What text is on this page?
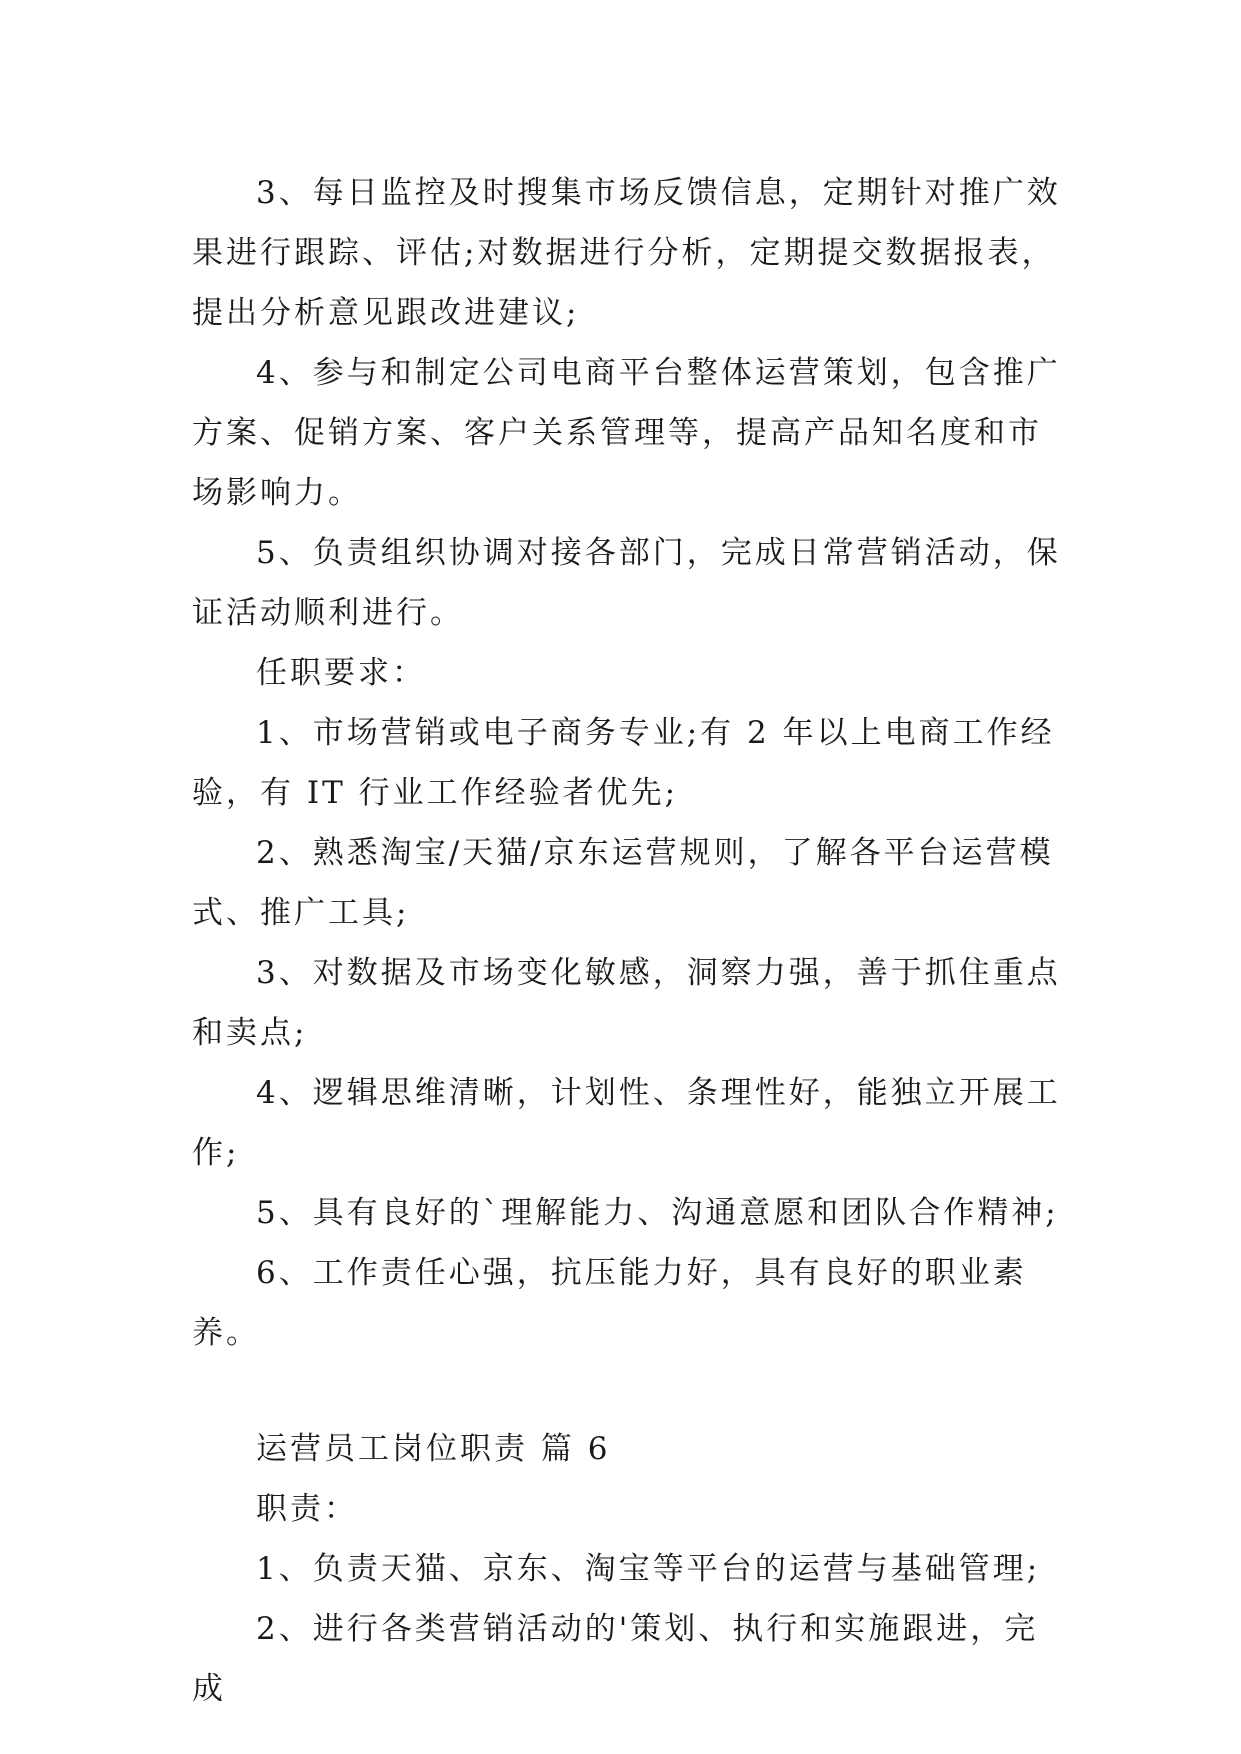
3、每日监控及时搜集市场反馈信息，定期针对推广效果进行跟踪、评估;对数据进行分析，定期提交数据报表，提出分析意见跟改进建议;

4、参与和制定公司电商平台整体运营策划，包含推广方案、促销方案、客户关系管理等，提高产品知名度和市场影响力。

5、负责组织协调对接各部门，完成日常营销活动，保证活动顺利进行。

任职要求：

1、市场营销或电子商务专业;有 2 年以上电商工作经验，有 IT 行业工作经验者优先;

2、熟悉淘宝/天猫/京东运营规则，了解各平台运营模式、推广工具;

3、对数据及市场变化敏感，洞察力强，善于抓住重点和卖点;

4、逻辑思维清晰，计划性、条理性好，能独立开展工作;

5、具有良好的`理解能力、沟通意愿和团队合作精神;

6、工作责任心强，抗压能力好，具有良好的职业素养。

运营员工岗位职责 篇 6

职责：

1、负责天猫、京东、淘宝等平台的运营与基础管理;

2、进行各类营销活动的'策划、执行和实施跟进，完成
